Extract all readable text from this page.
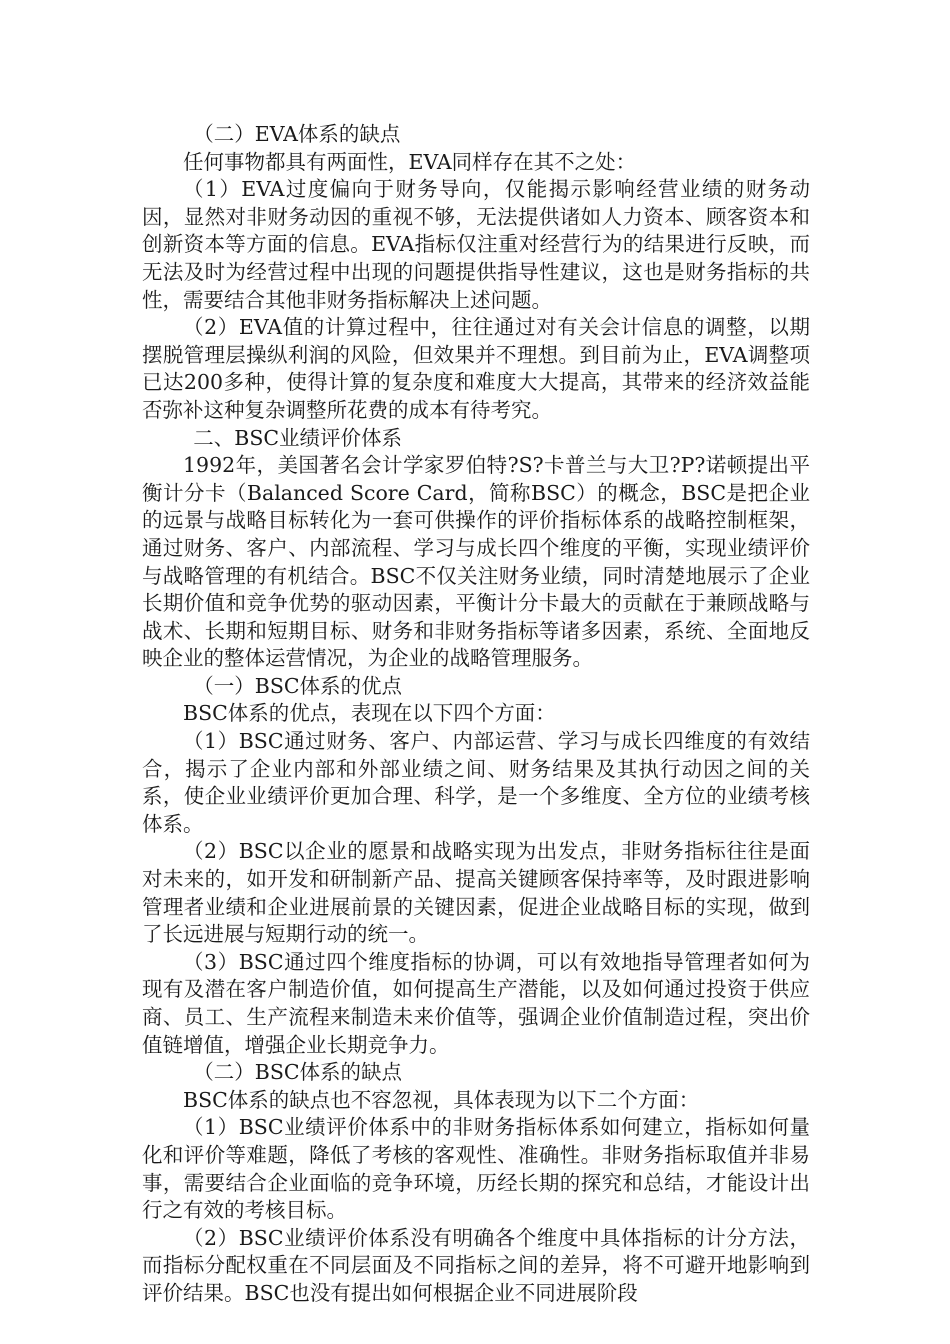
（二）EVA体系的缺点

任何事物都具有两面性，EVA同样存在其不之处：

（1）EVA过度偏向于财务导向，仅能揭示影响经营业绩的财务动因，显然对非财务动因的重视不够，无法提供诸如人力资本、顾客资本和创新资本等方面的信息。EVA指标仅注重对经营行为的结果进行反映，而无法及时为经营过程中出现的问题提供指导性建议，这也是财务指标的共性，需要结合其他非财务指标解决上述问题。

（2）EVA值的计算过程中，往往通过对有关会计信息的调整，以期摆脱管理层操纵利润的风险，但效果并不理想。到目前为止，EVA调整项已达200多种，使得计算的复杂度和难度大大提高，其带来的经济效益能否弥补这种复杂调整所花费的成本有待考究。

二、BSC业绩评价体系

1992年，美国著名会计学家罗伯特?S?卡普兰与大卫?P?诺顿提出平衡计分卡（Balanced Score Card，简称BSC）的概念，BSC是把企业的远景与战略目标转化为一套可供操作的评价指标体系的战略控制框架，通过财务、客户、内部流程、学习与成长四个维度的平衡，实现业绩评价与战略管理的有机结合。BSC不仅关注财务业绩，同时清楚地展示了企业长期价值和竞争优势的驱动因素，平衡计分卡最大的贡献在于兼顾战略与战术、长期和短期目标、财务和非财务指标等诸多因素，系统、全面地反映企业的整体运营情况，为企业的战略管理服务。

（一）BSC体系的优点

BSC体系的优点，表现在以下四个方面：

（1）BSC通过财务、客户、内部运营、学习与成长四维度的有效结合，揭示了企业内部和外部业绩之间、财务结果及其执行动因之间的关系，使企业业绩评价更加合理、科学，是一个多维度、全方位的业绩考核体系。

（2）BSC以企业的愿景和战略实现为出发点，非财务指标往往是面对未来的，如开发和研制新产品、提高关键顾客保持率等，及时跟进影响管理者业绩和企业进展前景的关键因素，促进企业战略目标的实现，做到了长远进展与短期行动的统一。

（3）BSC通过四个维度指标的协调，可以有效地指导管理者如何为现有及潜在客户制造价值，如何提高生产潜能，以及如何通过投资于供应商、员工、生产流程来制造未来价值等，强调企业价值制造过程，突出价值链增值，增强企业长期竞争力。

（二）BSC体系的缺点

BSC体系的缺点也不容忽视，具体表现为以下二个方面：

（1）BSC业绩评价体系中的非财务指标体系如何建立，指标如何量化和评价等难题，降低了考核的客观性、准确性。非财务指标取值并非易事，需要结合企业面临的竞争环境，历经长期的探究和总结，才能设计出行之有效的考核目标。

（2）BSC业绩评价体系没有明确各个维度中具体指标的计分方法，而指标分配权重在不同层面及不同指标之间的差异，将不可避开地影响到评价结果。BSC也没有提出如何根据企业不同进展阶段
